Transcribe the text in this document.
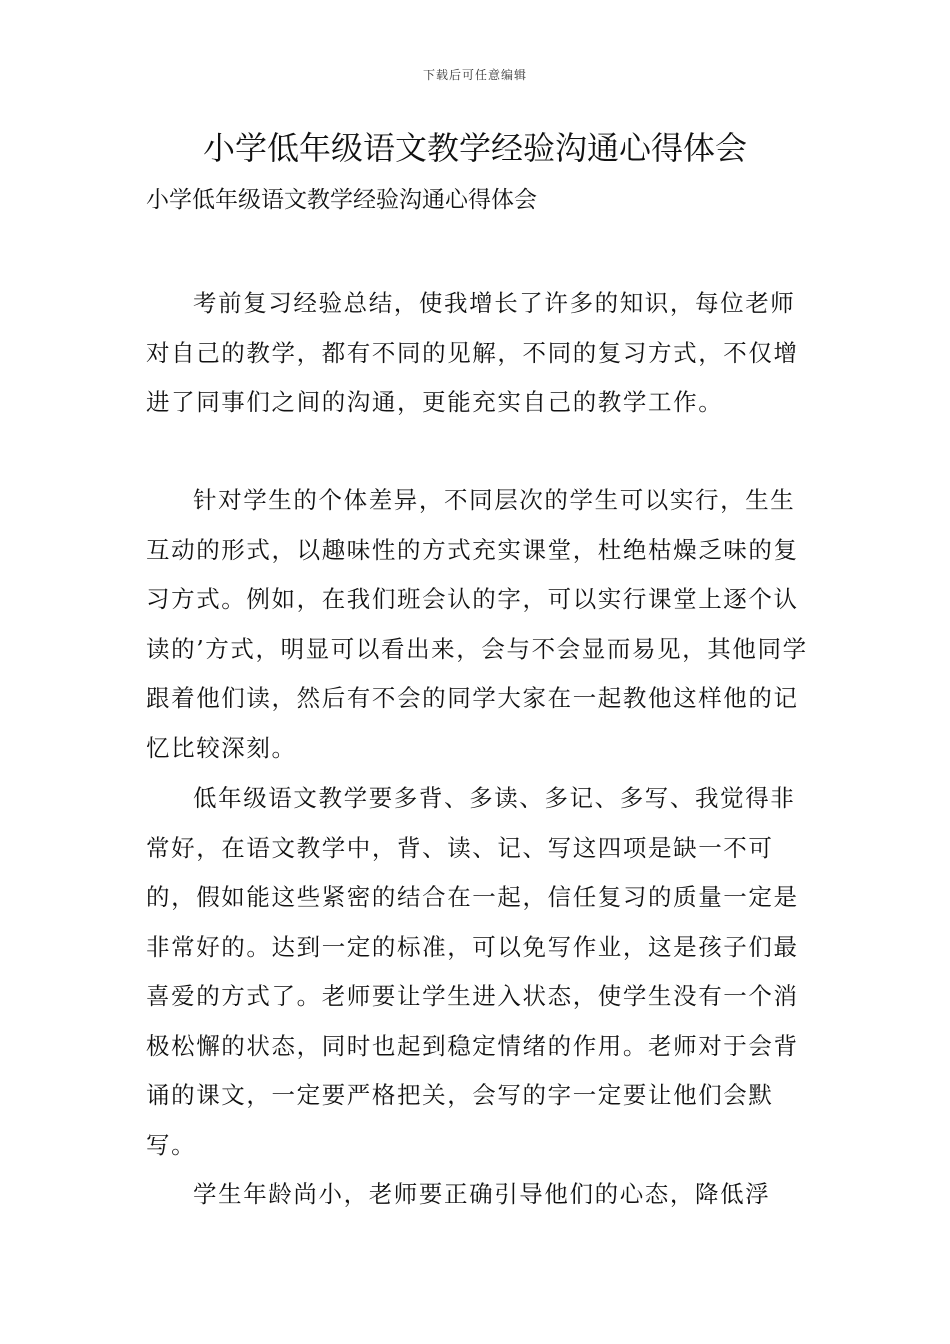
下载后可任意编辑
小学低年级语文教学经验沟通心得体会
小学低年级语文教学经验沟通心得体会

考前复习经验总结，使我增长了许多的知识，每位老师对自己的教学，都有不同的见解，不同的复习方式，不仅增进了同事们之间的沟通，更能充实自己的教学工作。

针对学生的个体差异，不同层次的学生可以实行，生生互动的形式，以趣味性的方式充实课堂，杜绝枯燥乏味的复习方式。例如，在我们班会认的字，可以实行课堂上逐个认读的’方式，明显可以看出来，会与不会显而易见，其他同学跟着他们读，然后有不会的同学大家在一起教他这样他的记忆比较深刻。

低年级语文教学要多背、多读、多记、多写、我觉得非常好，在语文教学中，背、读、记、写这四项是缺一不可的，假如能这些紧密的结合在一起，信任复习的质量一定是非常好的。达到一定的标准，可以免写作业，这是孩子们最喜爱的方式了。老师要让学生进入状态，使学生没有一个消极松懈的状态，同时也起到稳定情绪的作用。老师对于会背诵的课文，一定要严格把关，会写的字一定要让他们会默写。

学生年龄尚小，老师要正确引导他们的心态，降低浮
